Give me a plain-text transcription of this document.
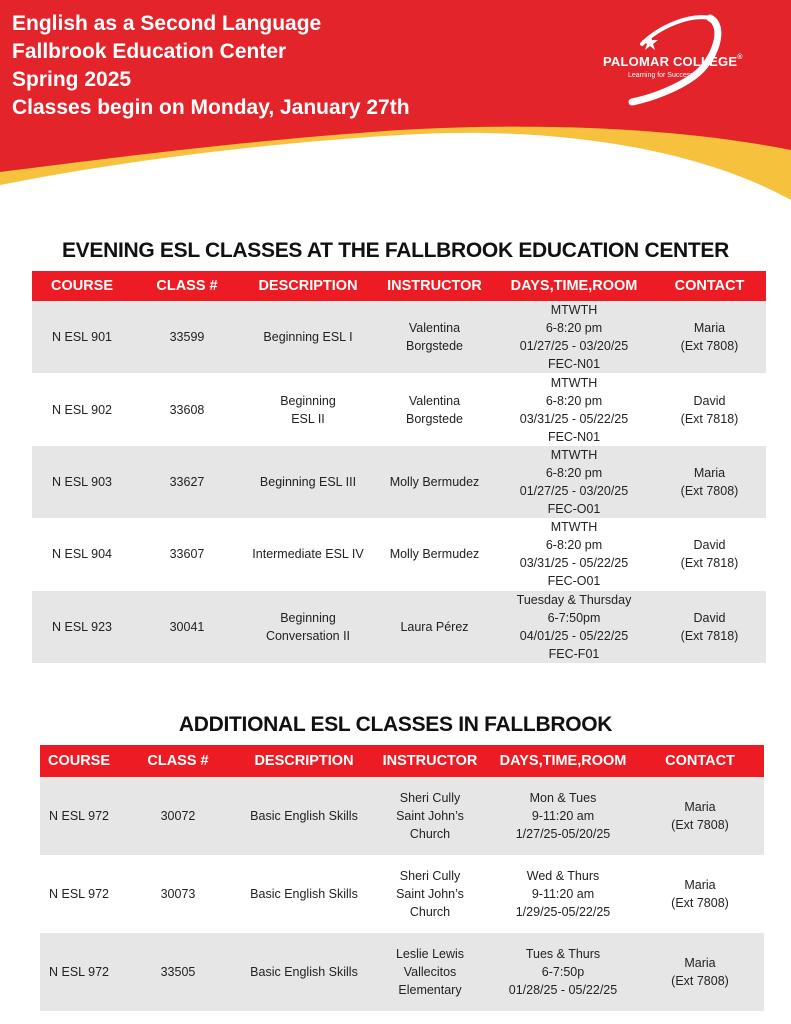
English as a Second Language
Fallbrook Education Center
Spring 2025
Classes begin on Monday, January 27th
PALOMAR COLLEGE®
Learning for Success
EVENING ESL CLASSES AT THE FALLBROOK EDUCATION CENTER
COURSE	CLASS #	DESCRIPTION	INSTRUCTOR	DAYS,TIME,ROOM	CONTACT
N ESL 901	33599	Beginning ESL I	Valentina
Borgstede	MTWTH
6-8:20 pm
01/27/25 - 03/20/25
FEC-N01	Maria
(Ext 7808)

N ESL 902	33608	Beginning
ESL II	Valentina
Borgstede	MTWTH
6-8:20 pm
03/31/25 - 05/22/25
FEC-N01	David
(Ext 7818)

N ESL 903	33627	Beginning ESL III	Molly Bermudez	MTWTH
6-8:20 pm
01/27/25 - 03/20/25
FEC-O01	Maria
(Ext 7808)

N ESL 904	33607	Intermediate ESL IV	Molly Bermudez	MTWTH
6-8:20 pm
03/31/25 - 05/22/25
FEC-O01	David
(Ext 7818)

N ESL 923	30041	Beginning
Conversation II	Laura Pérez	Tuesday & Thursday
6-7:50pm
04/01/25 - 05/22/25
FEC-F01	David
(Ext 7818)
ADDITIONAL ESL CLASSES IN FALLBROOK
COURSE	CLASS #	DESCRIPTION	INSTRUCTOR	DAYS,TIME,ROOM	CONTACT
N ESL 972	30072	Basic English Skills	Sheri Cully
Saint John’s
Church	Mon & Tues
9-11:20 am
1/27/25-05/20/25	Maria
(Ext 7808)

N ESL 972	30073	Basic English Skills	Sheri Cully
Saint John’s
Church	Wed & Thurs
9-11:20 am
1/29/25-05/22/25	Maria
(Ext 7808)

N ESL 972	33505	Basic English Skills	Leslie Lewis
Vallecitos
Elementary	Tues & Thurs
6-7:50p
01/28/25 - 05/22/25	Maria
(Ext 7808)
